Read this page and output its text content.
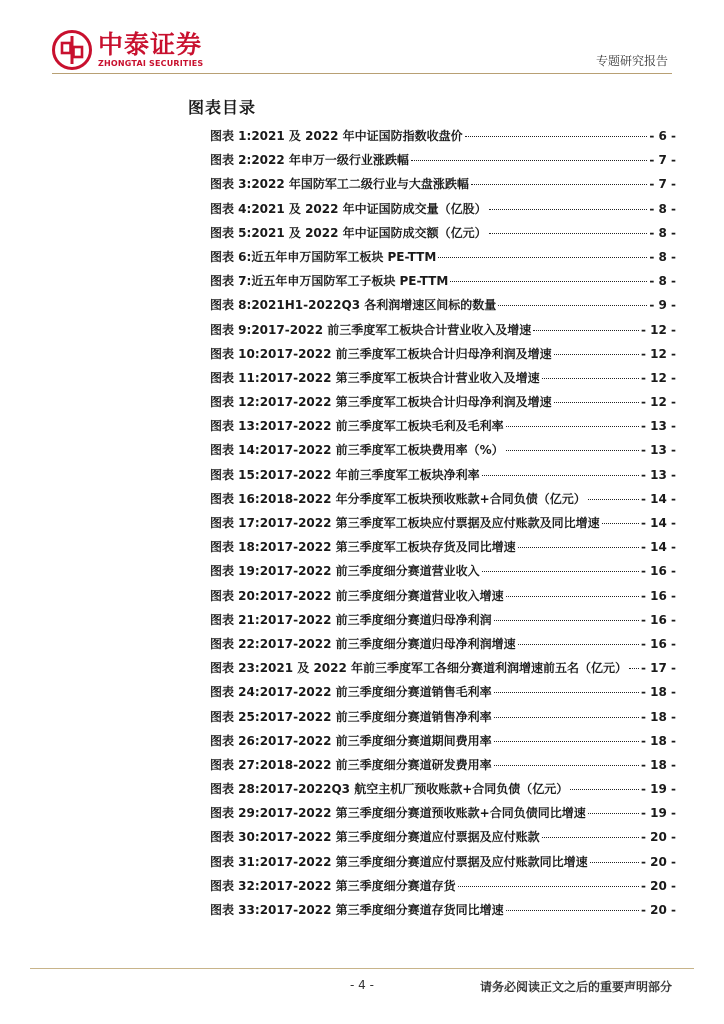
中泰证券
ZHONGTAI SECURITIES	专题研究报告
图表目录
图表 1: 2021 及 2022 年中证国防指数收盘价	- 6 -
图表 2: 2022 年申万一级行业涨跌幅	- 7 -
图表 3: 2022 年国防军工二级行业与大盘涨跌幅	- 7 -
图表 4: 2021 及 2022 年中证国防成交量（亿股）	- 8 -
图表 5: 2021 及 2022 年中证国防成交额（亿元）	- 8 -
图表 6: 近五年申万国防军工板块 PE-TTM	- 8 -
图表 7: 近五年申万国防军工子板块 PE-TTM	- 8 -
图表 8: 2021H1-2022Q3 各利润增速区间标的数量	- 9 -
图表 9: 2017-2022 前三季度军工板块合计营业收入及增速	- 12 -
图表 10: 2017-2022 前三季度军工板块合计归母净利润及增速	- 12 -
图表 11: 2017-2022 第三季度军工板块合计营业收入及增速	- 12 -
图表 12: 2017-2022 第三季度军工板块合计归母净利润及增速	- 12 -
图表 13: 2017-2022 前三季度军工板块毛利及毛利率	- 13 -
图表 14: 2017-2022 前三季度军工板块费用率（%）	- 13 -
图表 15: 2017-2022 年前三季度军工板块净利率	- 13 -
图表 16: 2018-2022 年分季度军工板块预收账款+合同负债（亿元）	- 14 -
图表 17: 2017-2022 第三季度军工板块应付票据及应付账款及同比增速	- 14 -
图表 18: 2017-2022 第三季度军工板块存货及同比增速	- 14 -
图表 19: 2017-2022 前三季度细分赛道营业收入	- 16 -
图表 20: 2017-2022 前三季度细分赛道营业收入增速	- 16 -
图表 21: 2017-2022 前三季度细分赛道归母净利润	- 16 -
图表 22: 2017-2022 前三季度细分赛道归母净利润增速	- 16 -
图表 23: 2021 及 2022 年前三季度军工各细分赛道利润增速前五名（亿元） - 17 -
图表 24: 2017-2022 前三季度细分赛道销售毛利率	- 18 -
图表 25: 2017-2022 前三季度细分赛道销售净利率	- 18 -
图表 26: 2017-2022 前三季度细分赛道期间费用率	- 18 -
图表 27: 2018-2022 前三季度细分赛道研发费用率	- 18 -
图表 28: 2017-2022Q3 航空主机厂预收账款+合同负债（亿元）	- 19 -
图表 29: 2017-2022 第三季度细分赛道预收账款+合同负债同比增速	- 19 -
图表 30: 2017-2022 第三季度细分赛道应付票据及应付账款	- 20 -
图表 31: 2017-2022 第三季度细分赛道应付票据及应付账款同比增速	- 20 -
图表 32: 2017-2022 第三季度细分赛道存货	- 20 -
图表 33: 2017-2022 第三季度细分赛道存货同比增速	- 20 -
- 4 -	请务必阅读正文之后的重要声明部分
